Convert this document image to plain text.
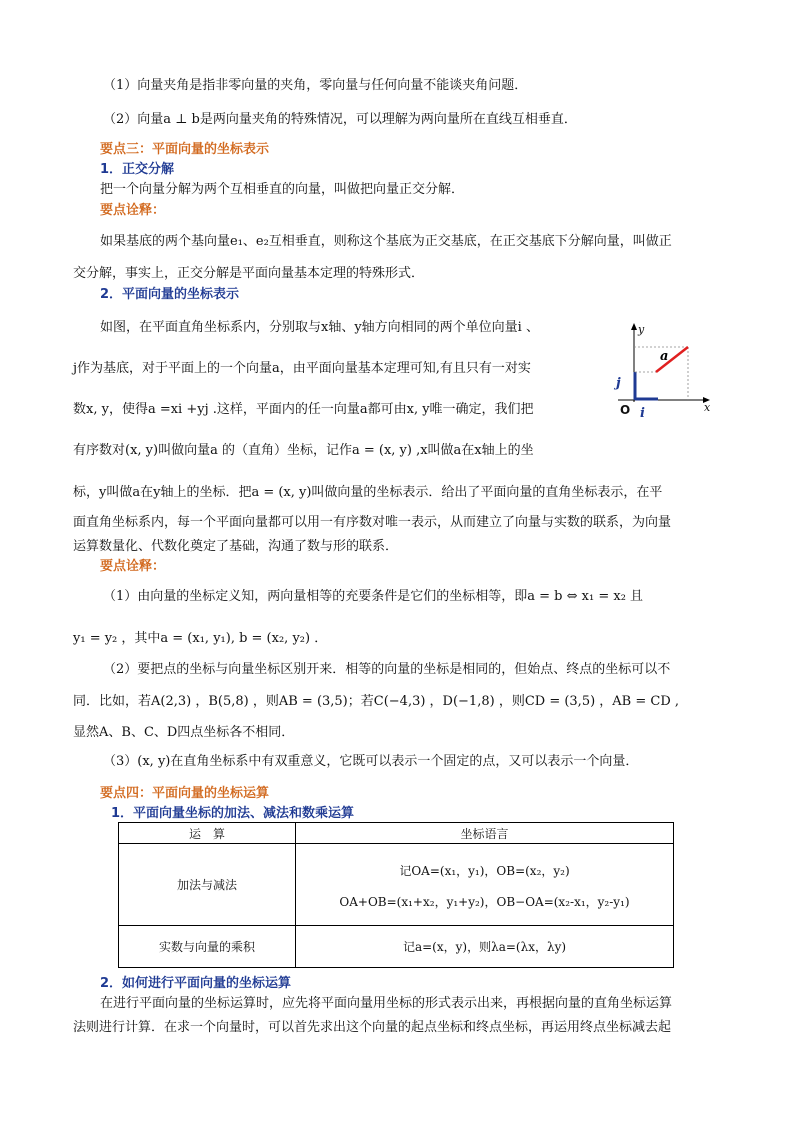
（1）向量夹角是指非零向量的夹角，零向量与任何向量不能谈夹角问题．
（2）向量a ⊥ b是两向量夹角的特殊情况，可以理解为两向量所在直线互相垂直．
要点三：平面向量的坐标表示
1．正交分解
把一个向量分解为两个互相垂直的向量，叫做把向量正交分解．
要点诠释：
如果基底的两个基向量e₁、e₂互相垂直，则称这个基底为正交基底，在正交基底下分解向量，叫做正
交分解，事实上，正交分解是平面向量基本定理的特殊形式．
2．平面向量的坐标表示
如图，在平面直角坐标系内，分别取与x轴、y轴方向相同的两个单位向量i 、
j作为基底，对于平面上的一个向量a，由平面向量基本定理可知,有且只有一对实
数x, y，使得a =xi +yj .这样，平面内的任一向量a都可由x, y唯一确定，我们把
有序数对(x, y)叫做向量a 的（直角）坐标，记作a = (x, y) ,x叫做a在x轴上的坐
标，y叫做a在y轴上的坐标．把a = (x, y)叫做向量的坐标表示．给出了平面向量的直角坐标表示，在平
面直角坐标系内，每一个平面向量都可以用一有序数对唯一表示，从而建立了向量与实数的联系，为向量
运算数量化、代数化奠定了基础，沟通了数与形的联系．
y
x
O
a
j
i
要点诠释：
（1）由向量的坐标定义知，两向量相等的充要条件是它们的坐标相等，即a = b ⇔ x₁ = x₂ 且
y₁ = y₂ ，其中a = (x₁, y₁), b = (x₂, y₂) ．
（2）要把点的坐标与向量坐标区别开来．相等的向量的坐标是相同的，但始点、终点的坐标可以不
同．比如，若A(2,3) ，B(5,8) ，则AB = (3,5)；若C(−4,3) ，D(−1,8) ，则CD = (3,5) ，AB = CD ,
显然A、B、C、D四点坐标各不相同．
（3）(x, y)在直角坐标系中有双重意义，它既可以表示一个固定的点，又可以表示一个向量．
要点四：平面向量的坐标运算
1．平面向量坐标的加法、减法和数乘运算
运　算	坐标语言
加法与减法	记OA=(x₁，y₁)，OB=(x₂，y₂)
OA+OB=(x₁+x₂，y₁+y₂)，OB−OA=(x₂-x₁，y₂-y₁)

实数与向量的乘积	记a=(x，y)，则λa=(λx，λy)
2．如何进行平面向量的坐标运算
在进行平面向量的坐标运算时，应先将平面向量用坐标的形式表示出来，再根据向量的直角坐标运算
法则进行计算．在求一个向量时，可以首先求出这个向量的起点坐标和终点坐标，再运用终点坐标减去起
